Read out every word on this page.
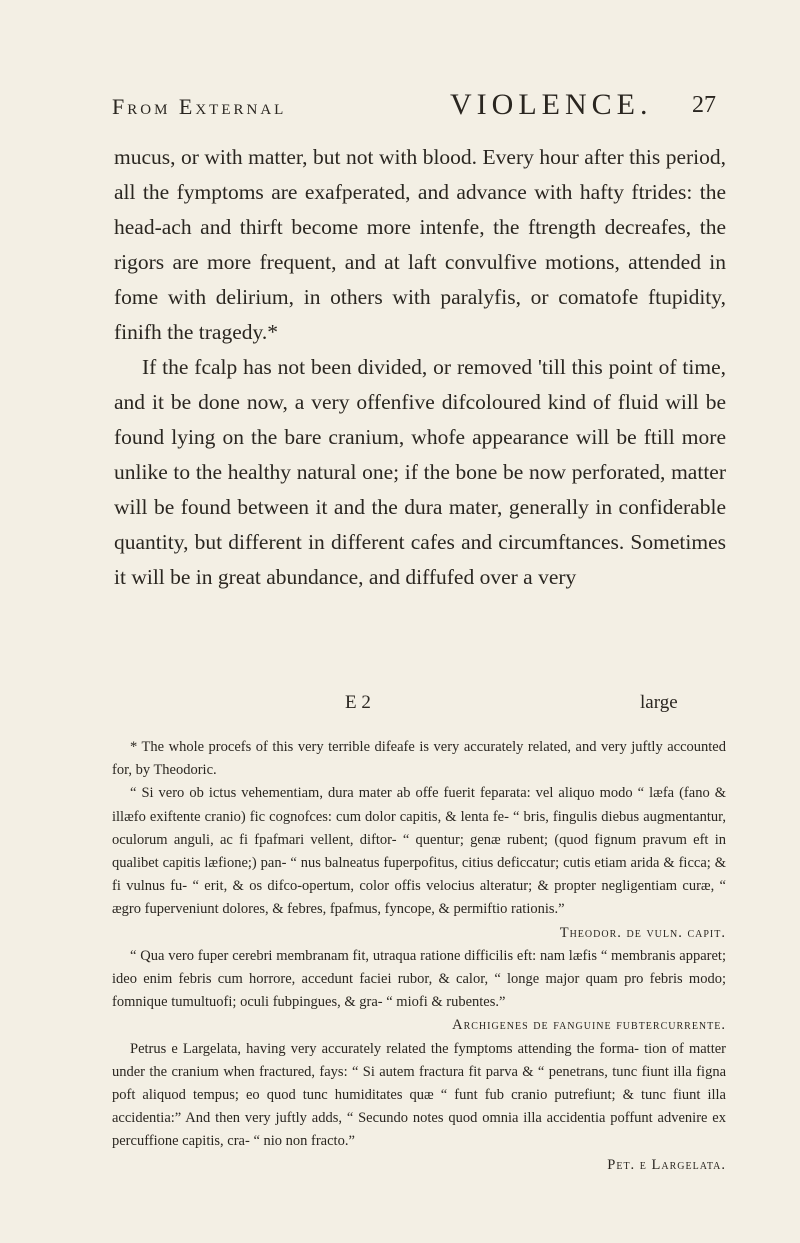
From External	VIOLENCE. 27

mucus, or with matter, but not with blood. Every hour after this period, all the fymptoms are exafperated, and advance with hafty ftrides: the head-ach and thirft become more intenfe, the ftrength decreafes, the rigors are more frequent, and at laft convulfive motions, attended in fome with delirium, in others with paralyfis, or comatofe ftupidity, finifh the tragedy.*

If the fcalp has not been divided, or removed 'till this point of time, and it be done now, a very offenfive difcoloured kind of fluid will be found lying on the bare cranium, whofe appearance will be ftill more unlike to the healthy natural one; if the bone be now perforated, matter will be found between it and the dura mater, generally in confiderable quantity, but different in different cafes and circumftances. Sometimes it will be in great abundance, and diffufed over a very

E 2	large

* The whole procefs of this very terrible difeafe is very accurately related, and very juftly accounted for, by Theodoric.

“ Si vero ob ictus vehementiam, dura mater ab offe fuerit feparata: vel aliquo modo “ læfa (fano & illæfo exiftente cranio) fic cognofces: cum dolor capitis, & lenta fe- “ bris, fingulis diebus augmentantur, oculorum anguli, ac fi fpafmari vellent, diftor- “ quentur; genæ rubent; (quod fignum pravum eft in qualibet capitis læfione;) pan- “ nus balneatus fuperpofitus, citius deficcatur; cutis etiam arida & ficca; & fi vulnus fu- “ erit, & os difco-opertum, color offis velocius alteratur; & propter negligentiam curæ, “ ægro fuperveniunt dolores, & febres, fpafmus, fyncope, & permiftio rationis.”

Theodor. de vuln. capit.

“ Qua vero fuper cerebri membranam fit, utraqua ratione difficilis eft: nam læfis “ membranis apparet; ideo enim febris cum horrore, accedunt faciei rubor, & calor, “ longe major quam pro febris modo; fomnique tumultuofi; oculi fubpingues, & gra- “ miofi & rubentes.”

Archigenes de fanguine fubtercurrente.

Petrus e Largelata, having very accurately related the fymptoms attending the forma- tion of matter under the cranium when fractured, fays: “ Si autem fractura fit parva & “ penetrans, tunc fiunt illa figna poft aliquod tempus; eo quod tunc humiditates quæ “ funt fub cranio putrefiunt; & tunc fiunt illa accidentia:” And then very juftly adds, “ Secundo notes quod omnia illa accidentia poffunt advenire ex percuffione capitis, cra- “ nio non fracto.”

Pet. e Largelata.
